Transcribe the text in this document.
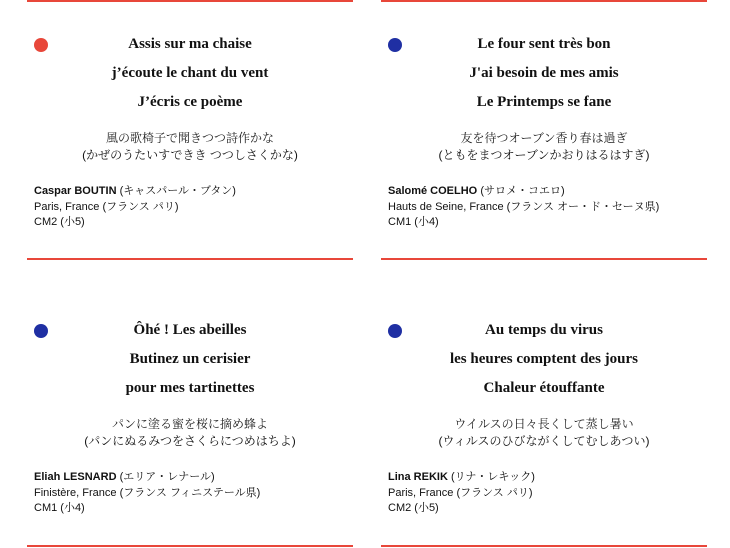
Assis sur ma chaise
j’écoute le chant du vent
J’écris ce poème
風の歌椅子で聞きつつ詩作かな
(かぜのうたいすできき つつしさくかな)
Caspar BOUTIN (キャスパール・ブタン)
Paris, France (フランス パリ)
CM2 (小5)
Le four sent très bon
J'ai besoin de mes amis
Le Printemps se fane
友を待つオーブン香り春は過ぎ
(ともをまつオーブンかおりはるはすぎ)
Salomé COELHO (サロメ・コエロ)
Hauts de Seine, France (フランス オー・ド・セーヌ県)
CM1 (小4)
Ôhé ! Les abeilles
Butinez un cerisier
pour mes tartinettes
パンに塗る蜜を桜に摘め蜂よ
(パンにぬるみつをさくらにつめはちよ)
Eliah LESNARD (エリア・レナール)
Finistère, France (フランス フィニステール県)
CM1 (小4)
Au temps du virus
les heures comptent des jours
Chaleur étouffante
ウイルスの日々長くして蒸し暑い
(ウィルスのひびながくしてむしあつい)
Lina REKIK (リナ・レキック)
Paris, France (フランス パリ)
CM2 (小5)
